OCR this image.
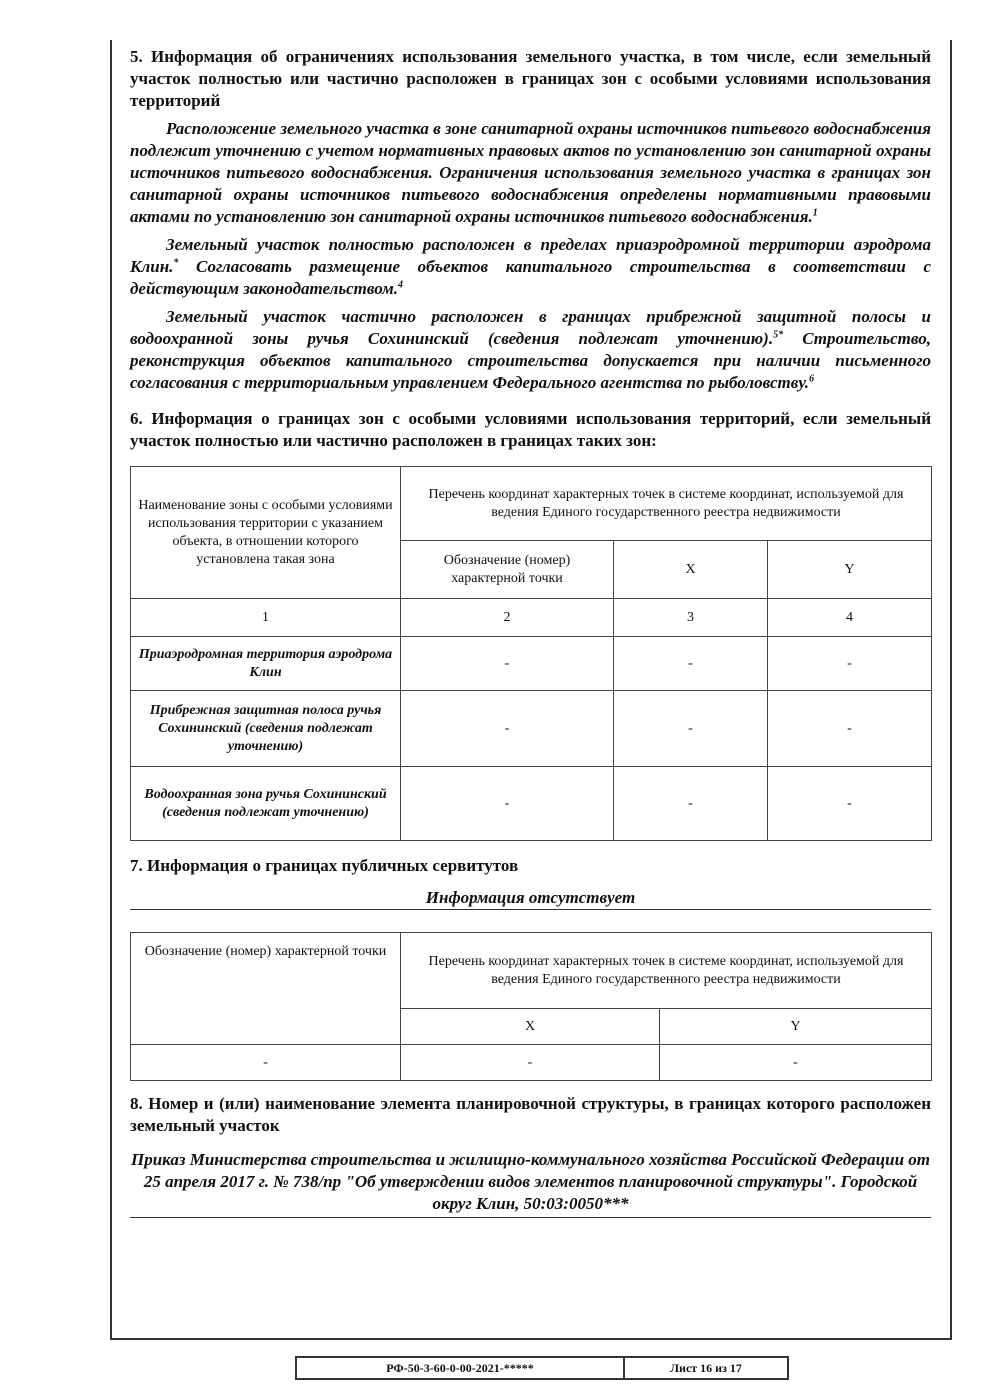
5. Информация об ограничениях использования земельного участка, в том числе, если земельный участок полностью или частично расположен в границах зон с особыми условиями использования территорий

Расположение земельного участка в зоне санитарной охраны источников питьевого водоснабжения подлежит уточнению с учетом нормативных правовых актов по установлению зон санитарной охраны источников питьевого водоснабжения. Ограничения использования земельного участка в границах зон санитарной охраны источников питьевого водоснабжения определены нормативными правовыми актами по установлению зон санитарной охраны источников питьевого водоснабжения.$^1$

Земельный участок полностью расположен в пределах приаэродромной территории аэродрома Клин.* Согласовать размещение объектов капитального строительства в соответствии с действующим законодательством.$^4$

Земельный участок частично расположен в границах прибрежной защитной полосы и водоохранной зоны ручья Сохининский (сведения подлежат уточнению).$^{5*}$ Строительство, реконструкция объектов капитального строительства допускается при наличии письменного согласования с территориальным управлением Федерального агентства по рыболовству.$^6$

6. Информация о границах зон с особыми условиями использования территорий, если земельный участок полностью или частично расположен в границах таких зон:

Наименование зоны с особыми условиями использования территории с указанием объекта, в отношении которого установлена такая зона	Перечень координат характерных точек в системе координат, используемой для ведения Единого государственного реестра недвижимости		
	Обозначение (номер) характерной точки	X	Y
1	2	3	4
Приаэродромная территория аэродрома Клин	-	-	-
Прибрежная защитная полоса ручья Сохининский (сведения подлежат уточнению)	-	-	-
Водоохранная зона ручья Сохининский (сведения подлежат уточнению)	-	-	-

7. Информация о границах публичных сервитутов

Информация отсутствует
Обозначение (номер) характерной точки	Перечень координат характерных точек в системе координат, используемой для ведения Единого государственного реестра недвижимости	
	X	Y
-	-	-

8. Номер и (или) наименование элемента планировочной структуры, в границах которого расположен земельный участок

Приказ Министерства строительства и жилищно-коммунального хозяйства Российской Федерации от 25 апреля 2017 г. № 738/пр "Об утверждении видов элементов планировочной структуры". Городской округ Клин, 50:03:0050***
РФ-50-3-60-0-00-2021-*****	Лист 16 из 17
